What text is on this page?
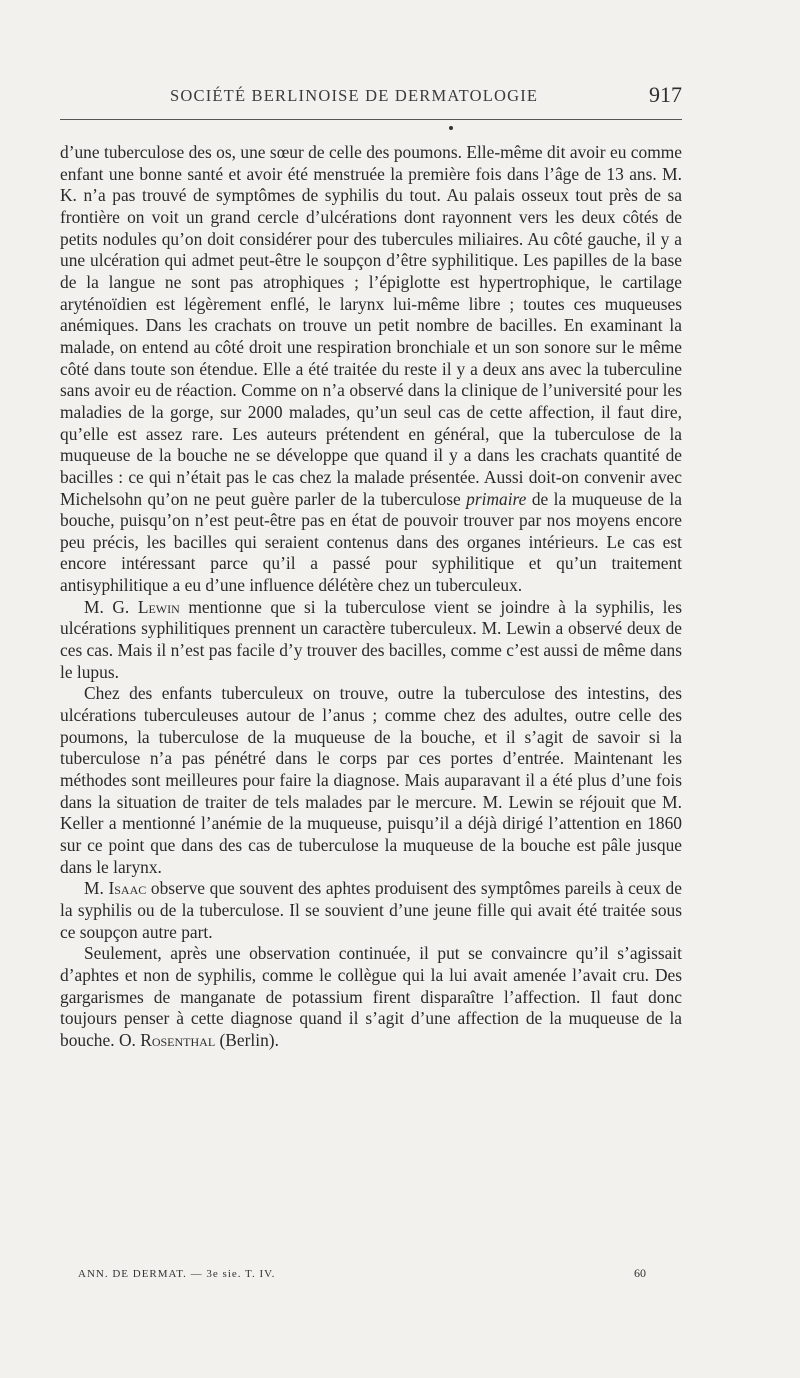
SOCIÉTÉ BERLINOISE DE DERMATOLOGIE	917

d’une tuberculose des os, une sœur de celle des poumons. Elle-même dit avoir eu comme enfant une bonne santé et avoir été menstruée la première fois dans l’âge de 13 ans. M. K. n’a pas trouvé de symptômes de syphilis du tout. Au palais osseux tout près de sa frontière on voit un grand cercle d’ulcérations dont rayonnent vers les deux côtés de petits nodules qu’on doit considérer pour des tubercules miliaires. Au côté gauche, il y a une ulcération qui admet peut-être le soupçon d’être syphilitique. Les papilles de la base de la langue ne sont pas atrophiques ; l’épiglotte est hypertrophique, le cartilage aryténoïdien est légèrement enflé, le larynx lui-même libre ; toutes ces muqueuses anémiques. Dans les crachats on trouve un petit nombre de bacilles. En examinant la malade, on entend au côté droit une respiration bronchiale et un son sonore sur le même côté dans toute son étendue. Elle a été traitée du reste il y a deux ans avec la tuberculine sans avoir eu de réaction. Comme on n’a observé dans la clinique de l’université pour les maladies de la gorge, sur 2000 malades, qu’un seul cas de cette affection, il faut dire, qu’elle est assez rare. Les auteurs prétendent en général, que la tuberculose de la muqueuse de la bouche ne se développe que quand il y a dans les crachats quantité de bacilles : ce qui n’était pas le cas chez la malade présentée. Aussi doit-on convenir avec Michelsohn qu’on ne peut guère parler de la tuberculose primaire de la muqueuse de la bouche, puisqu’on n’est peut-être pas en état de pouvoir trouver par nos moyens encore peu précis, les bacilles qui seraient contenus dans des organes intérieurs. Le cas est encore intéressant parce qu’il a passé pour syphilitique et qu’un traitement antisyphilitique a eu d’une influence délétère chez un tuberculeux.

M. G. Lewin mentionne que si la tuberculose vient se joindre à la syphilis, les ulcérations syphilitiques prennent un caractère tuberculeux. M. Lewin a observé deux de ces cas. Mais il n’est pas facile d’y trouver des bacilles, comme c’est aussi de même dans le lupus.

Chez des enfants tuberculeux on trouve, outre la tuberculose des intestins, des ulcérations tuberculeuses autour de l’anus ; comme chez des adultes, outre celle des poumons, la tuberculose de la muqueuse de la bouche, et il s’agit de savoir si la tuberculose n’a pas pénétré dans le corps par ces portes d’entrée. Maintenant les méthodes sont meilleures pour faire la diagnose. Mais auparavant il a été plus d’une fois dans la situation de traiter de tels malades par le mercure. M. Lewin se réjouit que M. Keller a mentionné l’anémie de la muqueuse, puisqu’il a déjà dirigé l’attention en 1860 sur ce point que dans des cas de tuberculose la muqueuse de la bouche est pâle jusque dans le larynx.

M. Isaac observe que souvent des aphtes produisent des symptômes pareils à ceux de la syphilis ou de la tuberculose. Il se souvient d’une jeune fille qui avait été traitée sous ce soupçon autre part.

Seulement, après une observation continuée, il put se convaincre qu’il s’agissait d’aphtes et non de syphilis, comme le collègue qui la lui avait amenée l’avait cru. Des gargarismes de manganate de potassium firent disparaître l’affection. Il faut donc toujours penser à cette diagnose quand il s’agit d’une affection de la muqueuse de la bouche. O. Rosenthal (Berlin).

ANN. DE DERMAT. — 3e sie. T. IV.	60
